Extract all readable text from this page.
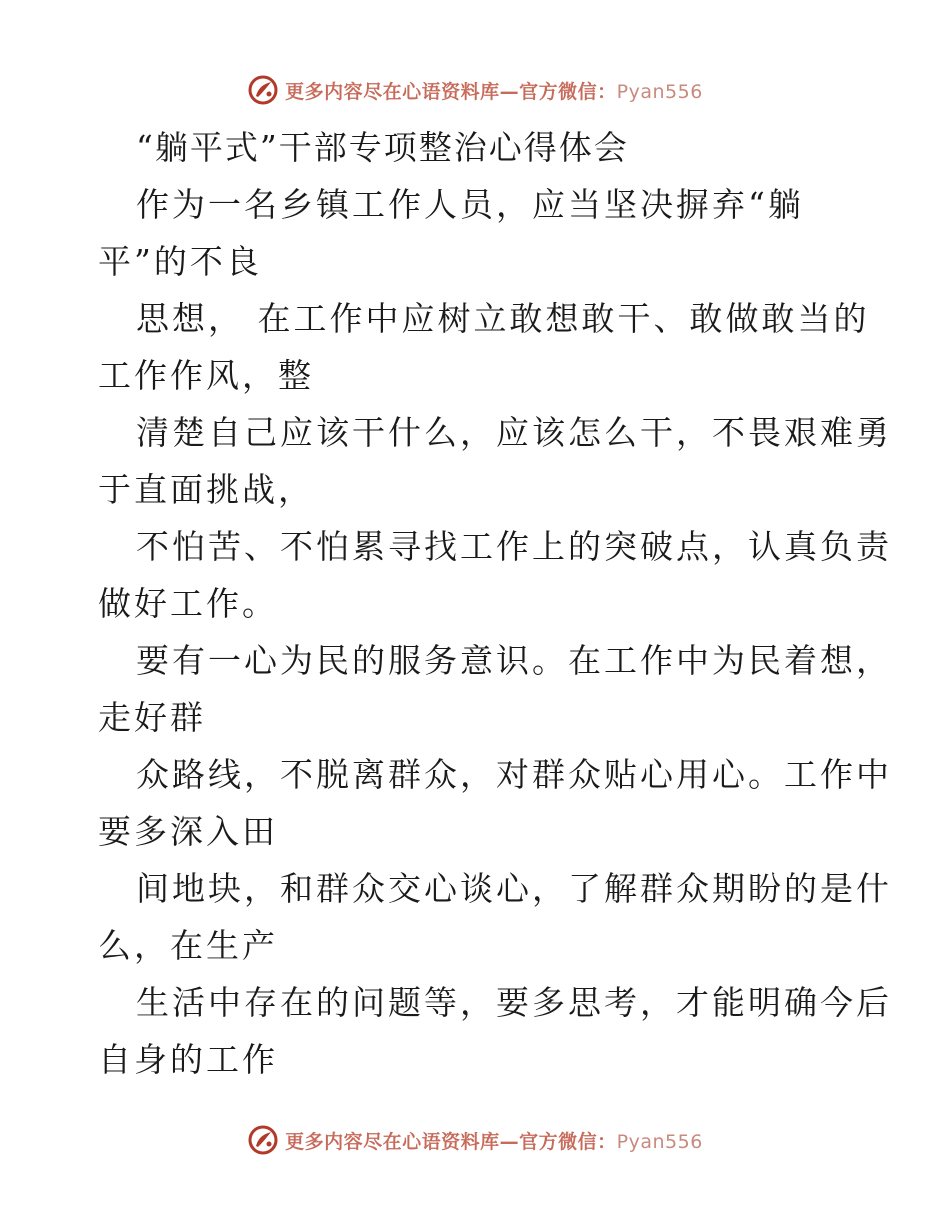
更多内容尽在心语资料库—官方微信：Pyan556
“躺平式”干部专项整治心得体会

作为一名乡镇工作人员，应当坚决摒弃“躺
平”的不良

思想， 在工作中应树立敢想敢干、敢做敢当的
工作作风，整

清楚自己应该干什么，应该怎么干，不畏艰难勇
于直面挑战，

不怕苦、不怕累寻找工作上的突破点，认真负责
做好工作。

要有一心为民的服务意识。在工作中为民着想，
走好群

众路线，不脱离群众，对群众贴心用心。工作中
要多深入田

间地块，和群众交心谈心，了解群众期盼的是什
么，在生产

生活中存在的问题等，要多思考，才能明确今后
自身的工作

更多内容尽在心语资料库—官方微信：Pyan556
